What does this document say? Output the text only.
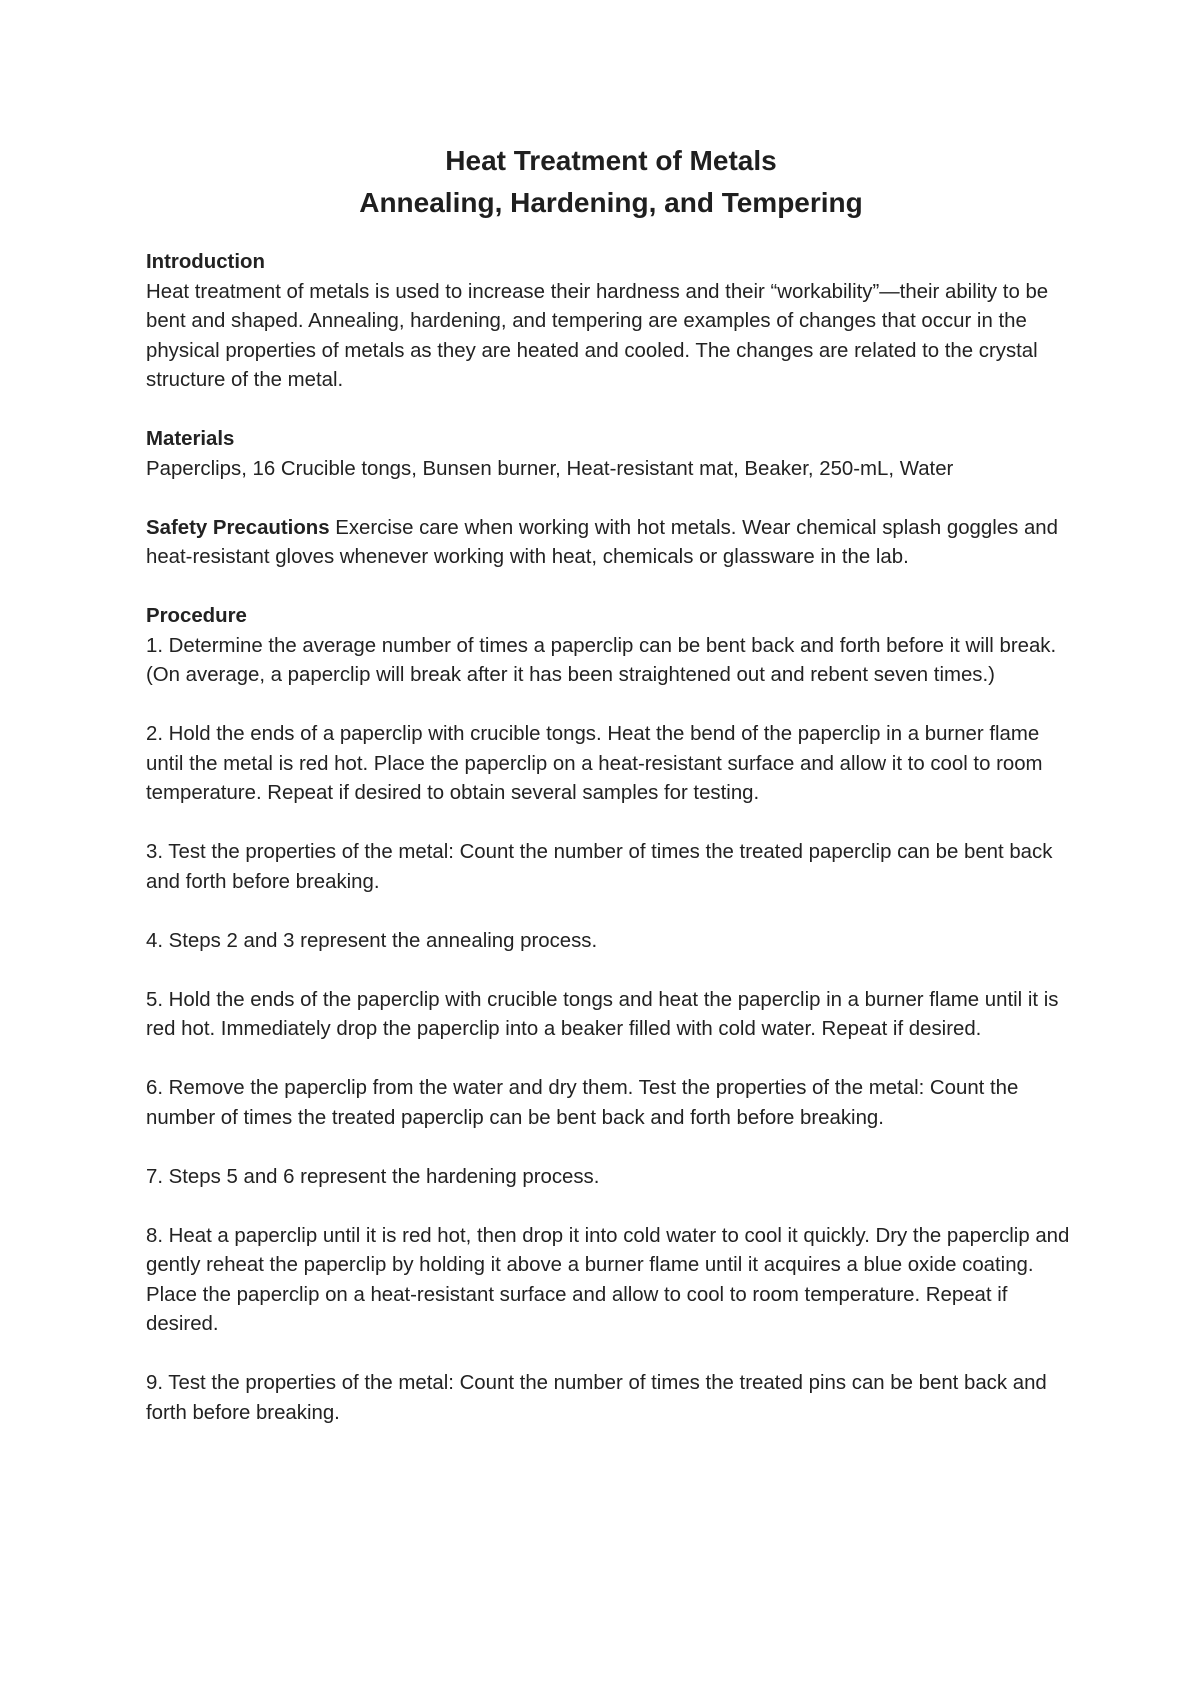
Heat Treatment of Metals
Annealing, Hardening, and Tempering
Introduction

Heat treatment of metals is used to increase their hardness and their “workability”—their ability to be bent and shaped. Annealing, hardening, and tempering are examples of changes that occur in the physical properties of metals as they are heated and cooled. The changes are related to the crystal structure of the metal.

Materials

Paperclips, 16 Crucible tongs, Bunsen burner, Heat-resistant mat, Beaker, 250-mL, Water

Safety Precautions Exercise care when working with hot metals. Wear chemical splash goggles and heat-resistant gloves whenever working with heat, chemicals or glassware in the lab.

Procedure

1. Determine the average number of times a paperclip can be bent back and forth before it will break. (On average, a paperclip will break after it has been straightened out and rebent seven times.)

2. Hold the ends of a paperclip with crucible tongs. Heat the bend of the paperclip in a burner flame until the metal is red hot. Place the paperclip on a heat-resistant surface and allow it to cool to room temperature. Repeat if desired to obtain several samples for testing.

3. Test the properties of the metal: Count the number of times the treated paperclip can be bent back and forth before breaking.

4. Steps 2 and 3 represent the annealing process.

5. Hold the ends of the paperclip with crucible tongs and heat the paperclip in a burner flame until it is red hot. Immediately drop the paperclip into a beaker filled with cold water. Repeat if desired.

6. Remove the paperclip from the water and dry them. Test the properties of the metal: Count the number of times the treated paperclip can be bent back and forth before breaking.

7. Steps 5 and 6 represent the hardening process.

8. Heat a paperclip until it is red hot, then drop it into cold water to cool it quickly. Dry the paperclip and gently reheat the paperclip by holding it above a burner flame until it acquires a blue oxide coating. Place the paperclip on a heat-resistant surface and allow to cool to room temperature. Repeat if desired.

9. Test the properties of the metal: Count the number of times the treated pins can be bent back and forth before breaking.
